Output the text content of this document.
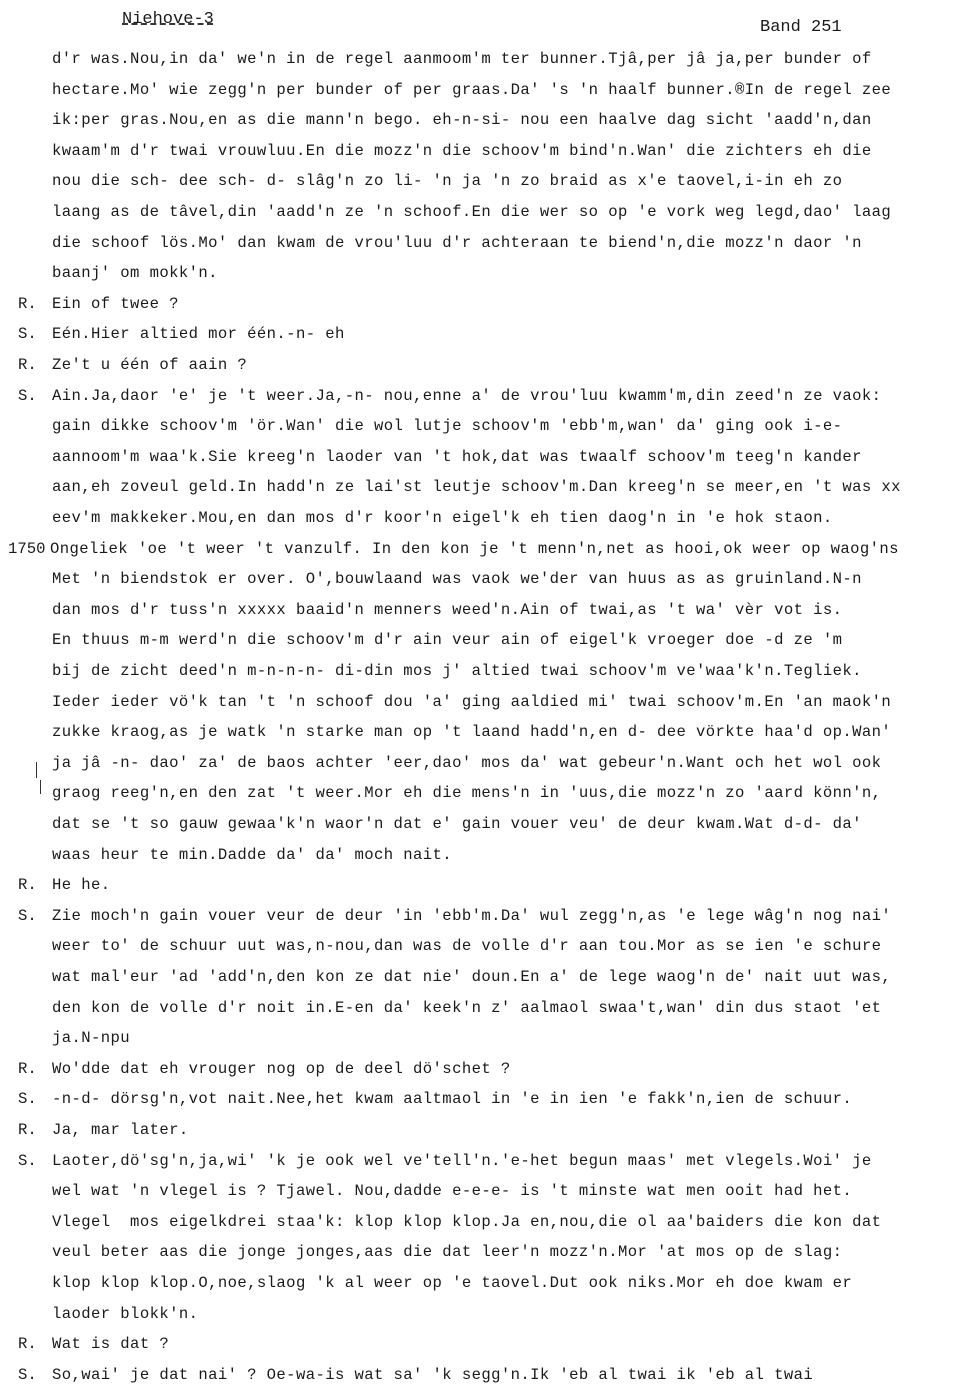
Niehove-3	Band 251
d'r was.Nou,in da' we'n in de regel aanmoom'm ter bunner.Tjâ,per jâ ja,per bunder of
hectare.Mo' wie zegg'n per bunder of per graas.Da' 's 'n haalf bunner.®In de regel zee
ik:per gras.Nou,en as die mann'n bego. eh-n-si- nou een haalve dag sicht 'aadd'n,dan
kwaam'm d'r twai vrouwluu.En die mozz'n die schoov'm bind'n.Wan' die zichters eh die
nou die sch- dee sch- d- slâg'n zo li- 'n ja 'n zo braid as x'e taovel,i-in eh zo
laang as de tâvel,din 'aadd'n ze 'n schoof.En die wer so op 'e vork weg legd,dao' laag
die schoof lös.Mo' dan kwam de vrou'luu d'r achteraan te biend'n,die mozz'n daor 'n
baanj' om mokk'n.
R. Ein of twee ?
S. Eén.Hier altied mor één.-n- eh
R. Ze't u één of aain ?
S. Ain.Ja,daor 'e' je 't weer.Ja,-n- nou,enne a' de vrou'luu kwamm'm,din zeed'n ze vaok:
gain dikke schoov'm 'ör.Wan' die wol lutje schoov'm 'ebb'm,wan' da' ging ook i-e-
aannoom'm waa'k.Sie kreeg'n laoder van 't hok,dat was twaalf schoov'm teeg'n kander
aan,eh zoveul geld.In hadd'n ze lai'st leutje schoov'm.Dan kreeg'n se meer,en 't was xx
eev'm makkeker.Mou,en dan mos d'r koor'n eigel'k eh tien daog'n in 'e hok staon.
1750 Ongeliek 'oe 't weer 't vanzulf. In den kon je 't menn'n,net as hooi,ok weer op waog'ns
Met 'n biendstok er over. O',bouwlaand was vaok we'der van huus as as gruinland.N-n
dan mos d'r tuss'n xxxxx baaid'n menners weed'n.Ain of twai,as 't wa' vèr vot is.
En thuus m-m werd'n die schoov'm d'r ain veur ain of eigel'k vroeger doe -d ze 'm
bij de zicht deed'n m-n-n-n- di-din mos j' altied twai schoov'm ve'waa'k'n.Tegliek.
Ieder ieder vö'k tan 't 'n schoof dou 'a' ging aaldied mi' twai schoov'm.En 'an maok'n
zukke kraog,as je watk 'n starke man op 't laand hadd'n,en d- dee vörkte haa'd op.Wan'
ja jâ -n- dao' za' de baos achter 'eer,dao' mos da' wat gebeur'n.Want och het wol ook
graog reeg'n,en den zat 't weer.Mor eh die mens'n in 'uus,die mozz'n zo 'aard könn'n,
dat se 't so gauw gewaa'k'n waor'n dat e' gain vouer veu' de deur kwam.Wat d-d- da'
waas heur te min.Dadde da' da' moch nait.
R. He he.
S. Zie moch'n gain vouer veur de deur 'in 'ebb'm.Da' wul zegg'n,as 'e lege wâg'n nog nai'
weer to' de schuur uut was,n-nou,dan was de volle d'r aan tou.Mor as se ien 'e schure
wat mal'eur 'ad 'add'n,den kon ze dat nie' doun.En a' de lege waog'n de' nait uut was,
den kon de volle d'r noit in.E-en da' keek'n z' aalmaol swaa't,wan' din dus staot 'et
ja.N-npu
R. Wo'dde dat eh vrouger nog op de deel dö'schet ?
S. -n-d- dörsg'n,vot nait.Nee,het kwam aaltmaol in 'e in ien 'e fakk'n,ien de schuur.
R. Ja, mar later.
S. Laoter,dö'sg'n,ja,wi' 'k je ook wel ve'tell'n.'e-het begun maas' met vlegels.Woi' je
wel wat 'n vlegel is ? Tjawel. Nou,dadde e-e-e- is 't minste wat men ooit had het.
Vlegel  mos eigelkdrei staa'k: klop klop klop.Ja en,nou,die ol aa'baiders die kon dat
veul beter aas die jonge jonges,aas die dat leer'n mozz'n.Mor 'at mos op de slag:
klop klop klop.O,noe,slaog 'k al weer op 'e taovel.Dut ook niks.Mor eh doe kwam er
laoder blokk'n.
R. Wat is dat ?
S. So,wai' je dat nai' ? Oe-wa-is wat sa' 'k segg'n.Ik 'eb al twai ik 'eb al twai
